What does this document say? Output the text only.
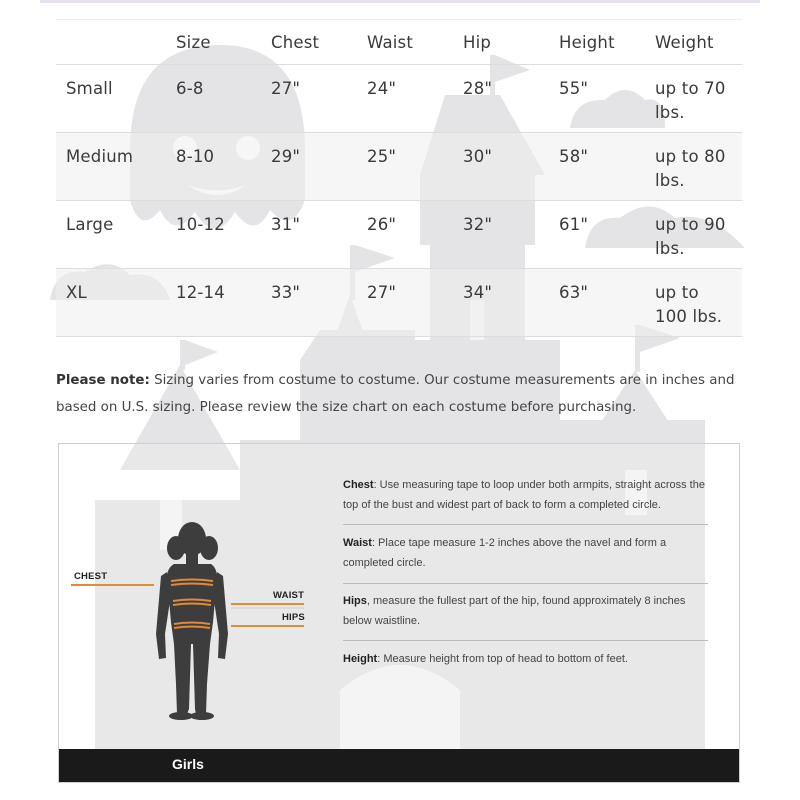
	Size	Chest	Waist	Hip	Height	Weight
Small	6-8	27"	24"	28"	55"	up to 70 lbs.
Medium	8-10	29"	25"	30"	58"	up to 80 lbs.
Large	10-12	31"	26"	32"	61"	up to 90 lbs.
XL	12-14	33"	27"	34"	63"	up to 100 lbs.
Please note: Sizing varies from costume to costume. Our costume measurements are in inches and based on U.S. sizing. Please review the size chart on each costume before purchasing.
CHEST
WAIST
HIPS
Chest: Use measuring tape to loop under both armpits, straight across the top of the bust and widest part of back to form a completed circle.
Waist: Place tape measure 1-2 inches above the navel and form a completed circle.
Hips, measure the fullest part of the hip, found approximately 8 inches below waistline.
Height: Measure height from top of head to bottom of feet.
Girls
